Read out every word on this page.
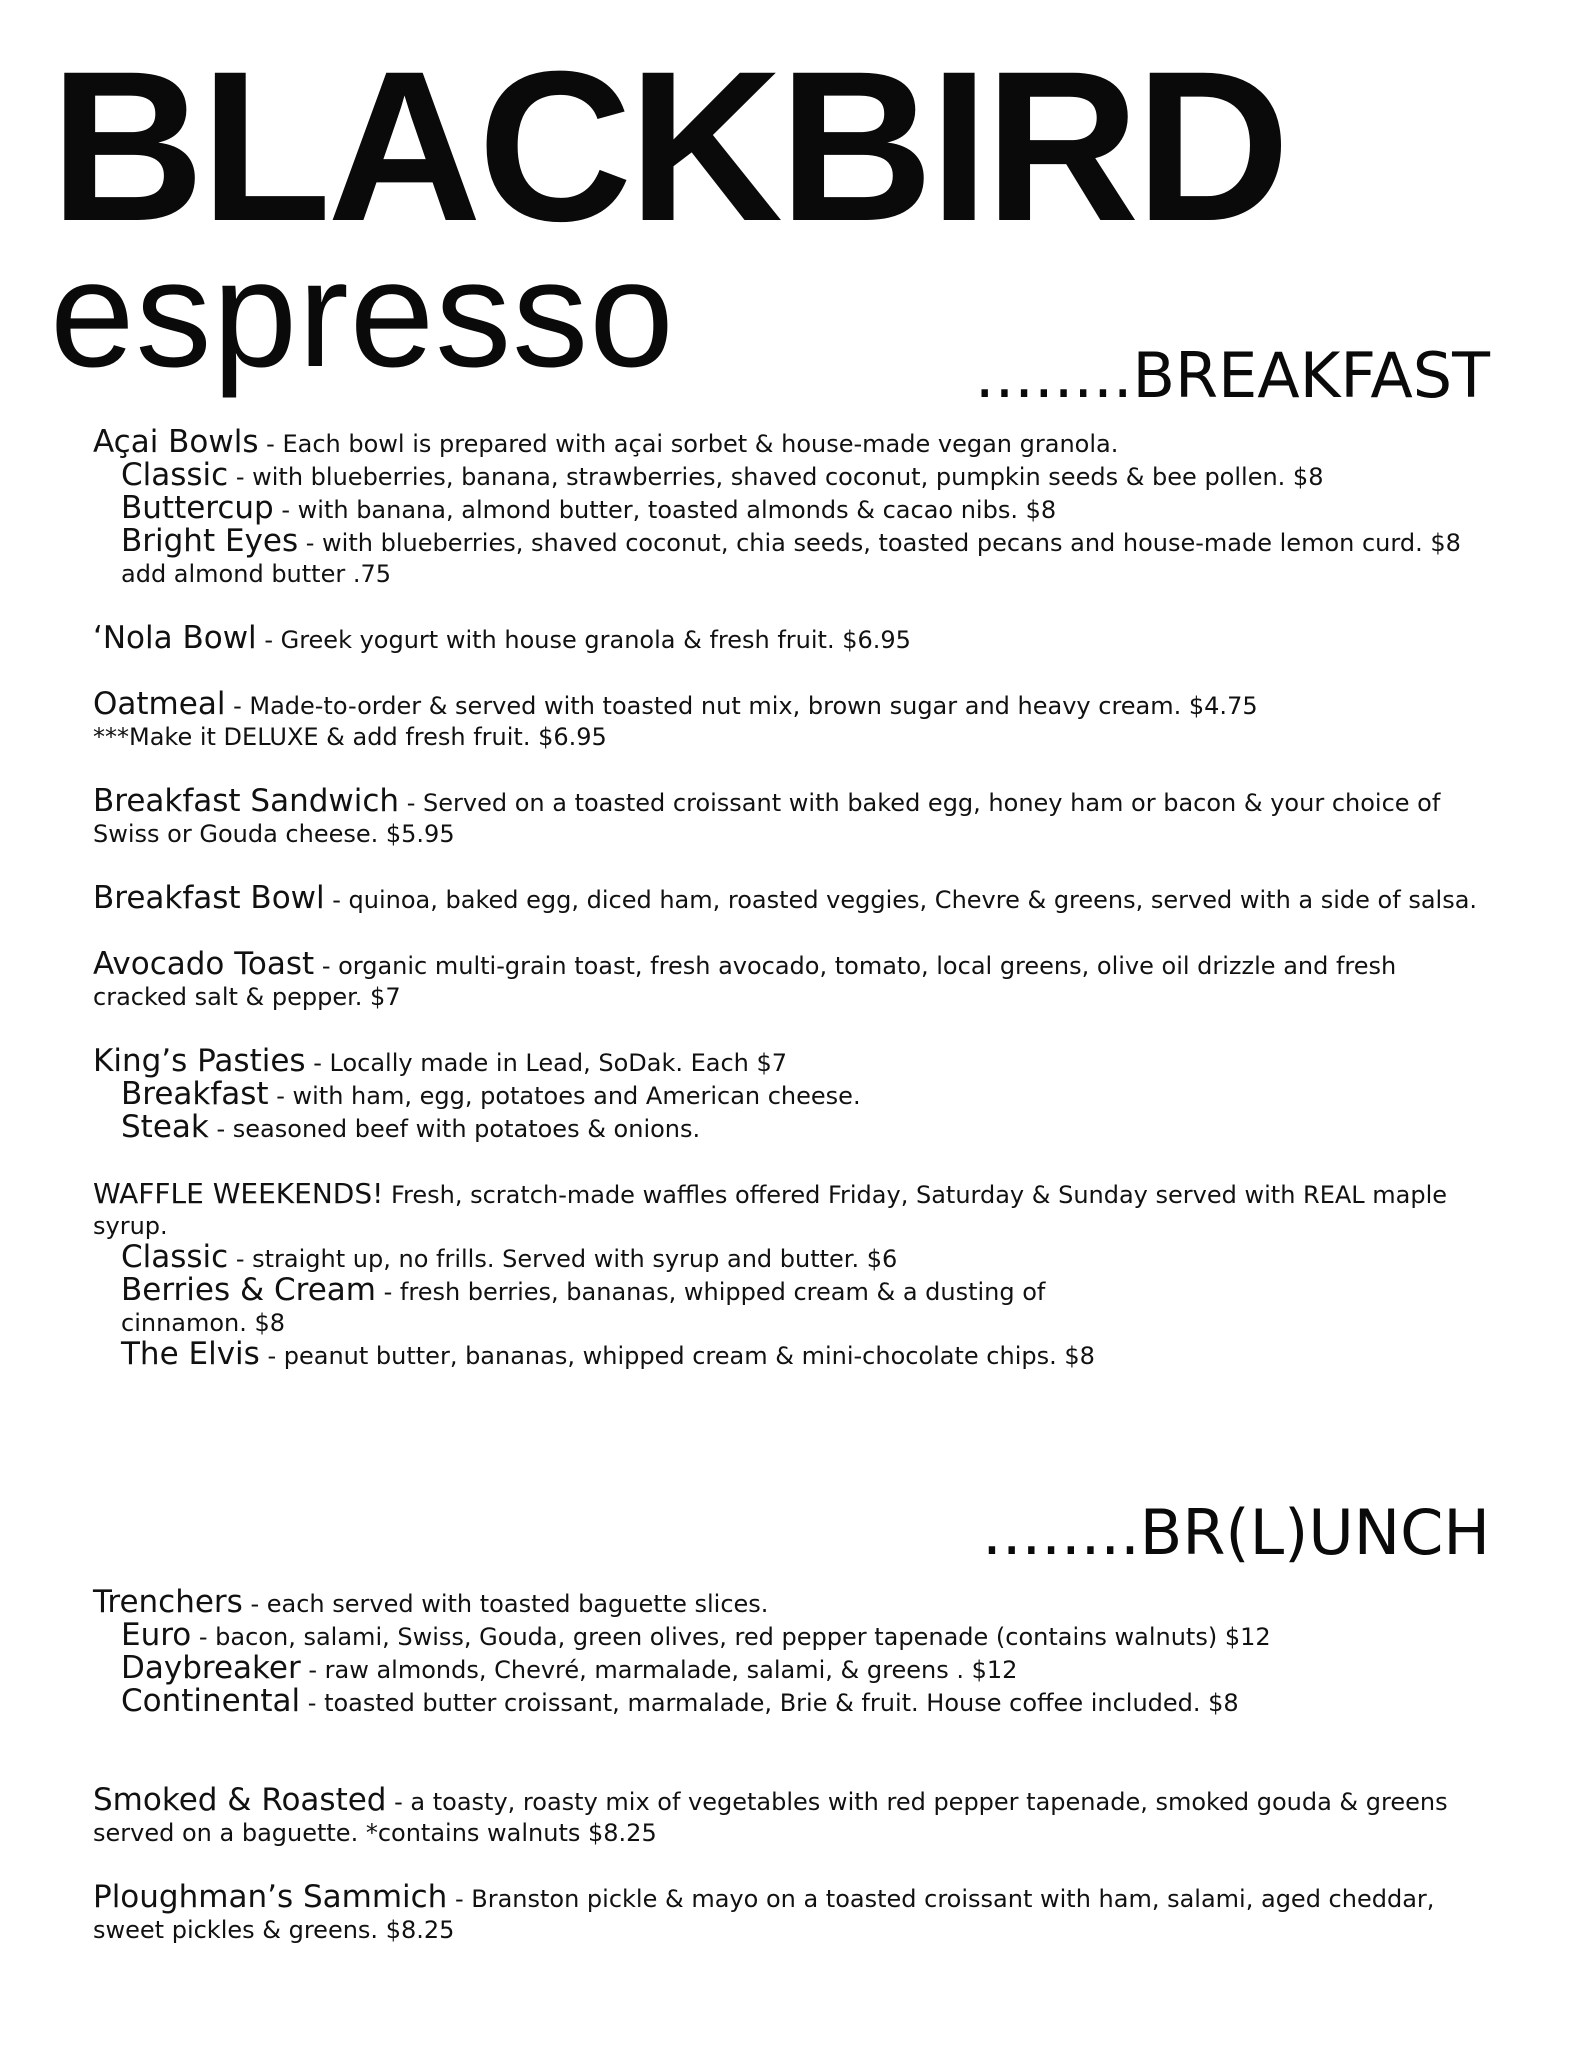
BLACKBIRD
espresso	........BREAKFAST
Açai Bowls - Each bowl is prepared with açai sorbet & house-made vegan granola.
Classic - with blueberries, banana, strawberries, shaved coconut, pumpkin seeds & bee pollen. $8
Buttercup - with banana, almond butter, toasted almonds & cacao nibs. $8
Bright Eyes - with blueberries, shaved coconut, chia seeds, toasted pecans and house-made lemon curd. $8 add almond butter .75
‘Nola Bowl - Greek yogurt with house granola & fresh fruit. $6.95
Oatmeal - Made-to-order & served with toasted nut mix, brown sugar and heavy cream. $4.75
***Make it DELUXE & add fresh fruit. $6.95
Breakfast Sandwich - Served on a toasted croissant with baked egg, honey ham or bacon & your choice of Swiss or Gouda cheese. $5.95
Breakfast Bowl - quinoa, baked egg, diced ham, roasted veggies, Chevre & greens, served with a side of salsa.
Avocado Toast - organic multi-grain toast, fresh avocado, tomato, local greens, olive oil drizzle and fresh cracked salt & pepper. $7
King’s Pasties - Locally made in Lead, SoDak. Each $7
Breakfast - with ham, egg, potatoes and American cheese.
Steak - seasoned beef with potatoes & onions.
WAFFLE WEEKENDS! Fresh, scratch-made waffles offered Friday, Saturday & Sunday served with REAL maple syrup.
Classic - straight up, no frills. Served with syrup and butter. $6
Berries & Cream - fresh berries, bananas, whipped cream & a dusting of cinnamon. $8
The Elvis - peanut butter, bananas, whipped cream & mini-chocolate chips. $8
........BR(L)UNCH
Trenchers - each served with toasted baguette slices.
Euro - bacon, salami, Swiss, Gouda, green olives, red pepper tapenade (contains walnuts) $12
Daybreaker - raw almonds, Chevré, marmalade, salami, & greens . $12
Continental - toasted butter croissant, marmalade, Brie & fruit. House coffee included. $8
Smoked & Roasted - a toasty, roasty mix of vegetables with red pepper tapenade, smoked gouda & greens served on a baguette. *contains walnuts $8.25
Ploughman’s Sammich - Branston pickle & mayo on a toasted croissant with ham, salami, aged cheddar, sweet pickles & greens. $8.25
